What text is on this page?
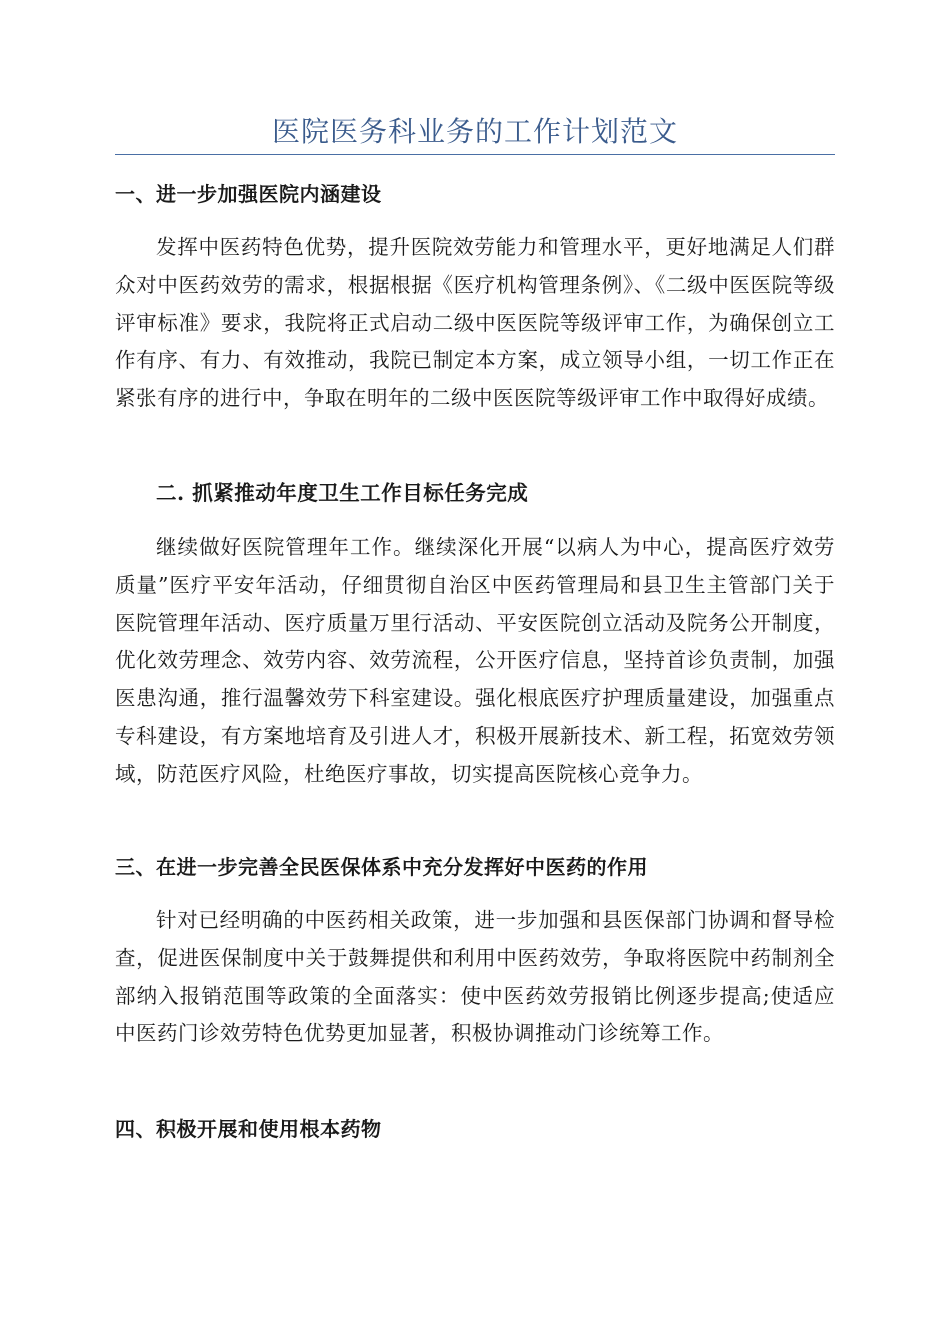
医院医务科业务的工作计划范文
一、进一步加强医院内涵建设

发挥中医药特色优势，提升医院效劳能力和管理水平，更好地满足人们群众对中医药效劳的需求，根据根据《医疗机构管理条例》、《二级中医医院等级评审标准》要求，我院将正式启动二级中医医院等级评审工作，为确保创立工作有序、有力、有效推动，我院已制定本方案，成立领导小组，一切工作正在紧张有序的进行中，争取在明年的二级中医医院等级评审工作中取得好成绩。

二. 抓紧推动年度卫生工作目标任务完成

继续做好医院管理年工作。继续深化开展“以病人为中心，提高医疗效劳质量”医疗平安年活动，仔细贯彻自治区中医药管理局和县卫生主管部门关于医院管理年活动、医疗质量万里行活动、平安医院创立活动及院务公开制度，优化效劳理念、效劳内容、效劳流程，公开医疗信息，坚持首诊负责制，加强医患沟通，推行温馨效劳下科室建设。强化根底医疗护理质量建设，加强重点专科建设，有方案地培育及引进人才，积极开展新技术、新工程，拓宽效劳领域，防范医疗风险，杜绝医疗事故，切实提高医院核心竞争力。

三、在进一步完善全民医保体系中充分发挥好中医药的作用

针对已经明确的中医药相关政策，进一步加强和县医保部门协调和督导检查，促进医保制度中关于鼓舞提供和利用中医药效劳，争取将医院中药制剂全部纳入报销范围等政策的全面落实：使中医药效劳报销比例逐步提高;使适应中医药门诊效劳特色优势更加显著，积极协调推动门诊统筹工作。

四、积极开展和使用根本药物
